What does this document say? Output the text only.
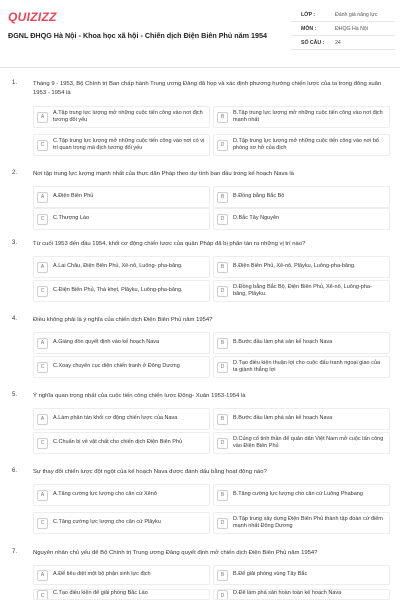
QUIZIZZ
ĐGNL ĐHQG Hà Nội - Khoa học xã hội - Chiến dịch Điện Biên Phủ năm 1954
LỚP :	Đánh giá năng lực
MÔN :	ĐHQG Hà Nội
SỐ CÂU :	24
1.	Tháng 9 - 1953, Bộ Chính trị Ban chấp hành Trung ương Đảng đã họp và xác định phương hướng chiến lược của ta trong đông xuân 1953 - 1954 là
A
A.Tập trung lực lượng mở những cuộc tiến công vào nơi địch tương đối yếu	B
B.Tập trung lực lượng mở những cuộc tiến công vào nơi địch mạnh nhất
C
C.Tập trung lực lượng mở những cuộc tiến công vào nơi có vị trí quan trọng mà địch tương đối yếu	D
D.Tập trung lực lượng mở những cuộc tiến công vào nơi bố phòng sơ hở của địch
2.	Nơi tập trung lực lượng mạnh nhất của thực dân Pháp theo dự tính ban đầu trong kế hoạch Nava là
A	A.Điện Biên Phủ	B	B.Đồng bằng Bắc Bộ
C	C.Thượng Lào	D	D.Bắc Tây Nguyên
3.	Từ cuối 1953 đến đầu 1954, khối cơ động chiến lược của quân Pháp đã bị phân tán ra những vị trí nào?
A	A.Lai Châu, Điện Biên Phủ, Xê-nô, Luông- pha-băng.	B	B.Điện Biên Phủ, Xê-nô, Plâyku, Luông-pha-băng.
C	C.Điện Biên Phủ, Thà khẹt, Plâyku, Luông-pha-băng.	D
D.Đồng bằng Bắc Bộ, Điện Biên Phủ, Xê-nô, Luông-pha-băng, Plâyku.
4.	Điều không phải là ý nghĩa của chiến dịch Điện Biên Phủ năm 1954?
A	A.Giáng đòn quyết định vào kế hoạch Nava	B	B.Bước đầu làm phá sản kế hoạch Nava
C	C.Xoay chuyển cục diện chiến tranh ở Đông Dương	D
D.Tạo điều kiện thuận lợi cho cuộc đấu tranh ngoại giao của ta giành thắng lợi
5.	Ý nghĩa quan trọng nhất của cuộc tiến công chiến lược Đông- Xuân 1953-1954 là
A	A.Làm phân tán khối cơ động chiến lược của Nava	B	B.Bước đầu làm phá sản kế hoạch Nava
C	C.Chuẩn bị về vật chất cho chiến dịch Điện Biên Phủ	D
D.Củng cố tinh thần để quân dân Việt Nam mở cuộc tấn công vào Điện Biên Phủ
6.	Sự thay đổi chiến lược đột ngột của kế hoạch Nava được đánh dấu bằng hoạt động nào?
A	A.Tăng cường lực lượng cho căn cứ Xênô	B	B.Tăng cường lực lượng cho căn cứ Luông Phabang
C	C.Tăng cường lực lượng cho căn cứ Plâyku	D
D.Tập trung xây dựng Điện Biên Phủ thành tập đoàn cứ điểm mạnh nhất Đông Dương
7.	Nguyên nhân chủ yếu để Bộ Chính trị Trung ương Đảng quyết định mở chiến dịch Điện Biên Phủ năm 1954?
A	A.Để tiêu diệt một bộ phận sinh lực địch	B	B.Để giải phóng vùng Tây Bắc
C	C.Tạo điều kiện để giải phóng Bắc Lào	D	D.Để làm phá sản hoàn toàn kế hoạch Nava
